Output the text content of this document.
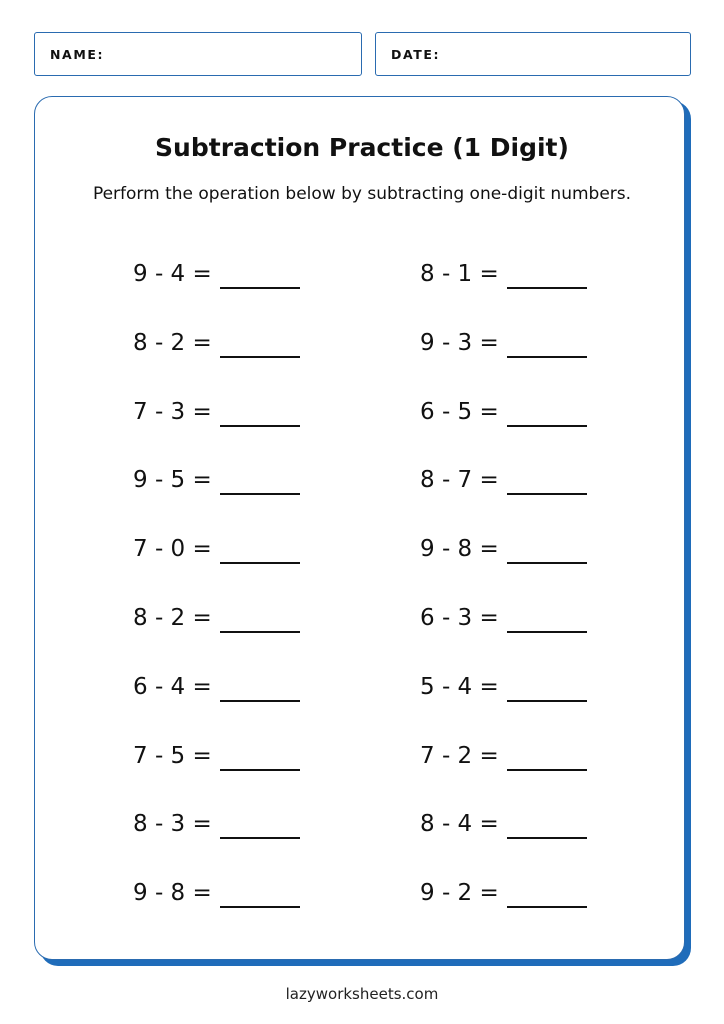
NAME:	DATE:
Subtraction Practice (1 Digit)
Perform the operation below by subtracting one-digit numbers.
9 - 4 =
8 - 2 =
7 - 3 =
9 - 5 =
7 - 0 =
8 - 2 =
6 - 4 =
7 - 5 =
8 - 3 =
9 - 8 =
8 - 1 =
9 - 3 =
6 - 5 =
8 - 7 =
9 - 8 =
6 - 3 =
5 - 4 =
7 - 2 =
8 - 4 =
9 - 2 =
lazyworksheets.com
